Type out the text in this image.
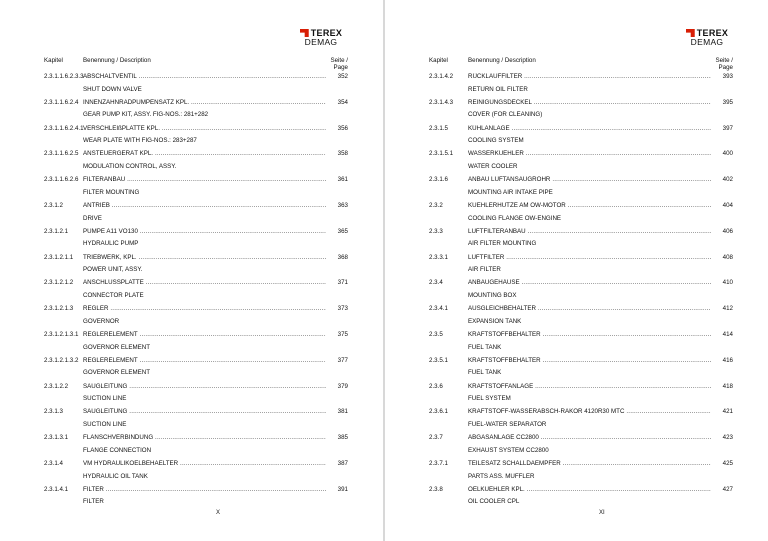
TEREX
DEMAG
Kapitel	Benennung / Description	Seite /
Page
2.3.1.1.6.2.3.3 ABSCHALTVENTIL .....	352
SHUT DOWN VALVE
2.3.1.1.6.2.4 INNENZAHNRADPUMPENSATZ KPL. .....	354
GEAR PUMP KIT, ASSY. FIG-NOS.: 281+282
2.3.1.1.6.2.4.1 VERSCHLEIßPLATTE KPL. .....	356
WEAR PLATE WITH FIG-NOS.: 283+287
2.3.1.1.6.2.5 ANSTEUERGERÄT KPL. .....	358
MODULATION CONTROL, ASSY.
2.3.1.1.6.2.6 FILTERANBAU .....	361
FILTER MOUNTING
2.3.1.2	ANTRIEB .....	363
DRIVE
2.3.1.2.1	PUMPE A11 VO130 .....	365
HYDRAULIC PUMP
2.3.1.2.1.1	TRIEBWERK, KPL. .....	368
POWER UNIT, ASSY.
2.3.1.2.1.2	ANSCHLUSSPLATTE .....	371
CONNECTOR PLATE
2.3.1.2.1.3	REGLER .....	373
GOVERNOR
2.3.1.2.1.3.1 REGLERELEMENT .....	375
GOVERNOR ELEMENT
2.3.1.2.1.3.2 REGLERELEMENT .....	377
GOVERNOR ELEMENT
2.3.1.2.2	SAUGLEITUNG .....	379
SUCTION LINE
2.3.1.3	SAUGLEITUNG .....	381
SUCTION LINE
2.3.1.3.1	FLANSCHVERBINDUNG .....	385
FLANGE CONNECTION
2.3.1.4	VM HYDRAULIKOELBEHAELTER .....	387
HYDRAULIC OIL TANK
2.3.1.4.1	FILTER .....	391
FILTER
X
TEREX
DEMAG
Kapitel	Benennung / Description	Seite /
Page
2.3.1.4.2	RÜCKLAUFFILTER .....	393
RETURN OIL FILTER
2.3.1.4.3	REINIGUNGSDECKEL .....	395
COVER (FOR CLEANING)
2.3.1.5	KÜHLANLAGE .....	397
COOLING SYSTEM
2.3.1.5.1	WASSERKUEHLER .....	400
WATER COOLER
2.3.1.6	ANBAU LUFTANSAUGROHR .....	402
MOUNTING AIR INTAKE PIPE
2.3.2	KUEHLERHUTZE AM OW-MOTOR .....	404
COOLING FLANGE OW-ENGINE
2.3.3	LUFTFILTERANBAU .....	406
AIR FILTER MOUNTING
2.3.3.1	LUFTFILTER .....	408
AIR FILTER
2.3.4	ANBAUGEHÄUSE .....	410
MOUNTING BOX
2.3.4.1	AUSGLEICHBEHÄLTER .....	412
EXPANSION TANK
2.3.5	KRAFTSTOFFBEHÄLTER .....	414
FUEL TANK
2.3.5.1	KRAFTSTOFFBEHÄLTER .....	416
FUEL TANK
2.3.6	KRAFTSTOFFANLAGE .....	418
FUEL SYSTEM
2.3.6.1	KRAFTSTOFF-WASSERABSCH-RAKOR 4120R30 MTC .....	421
FUEL-WATER SEPARATOR
2.3.7	ABGASANLAGE CC2800 .....	423
EXHAUST SYSTEM CC2800
2.3.7.1	TEILESATZ SCHALLDAEMPFER .....	425
PARTS ASS. MUFFLER
2.3.8	OELKUEHLER KPL. .....	427
OIL COOLER CPL
XI
